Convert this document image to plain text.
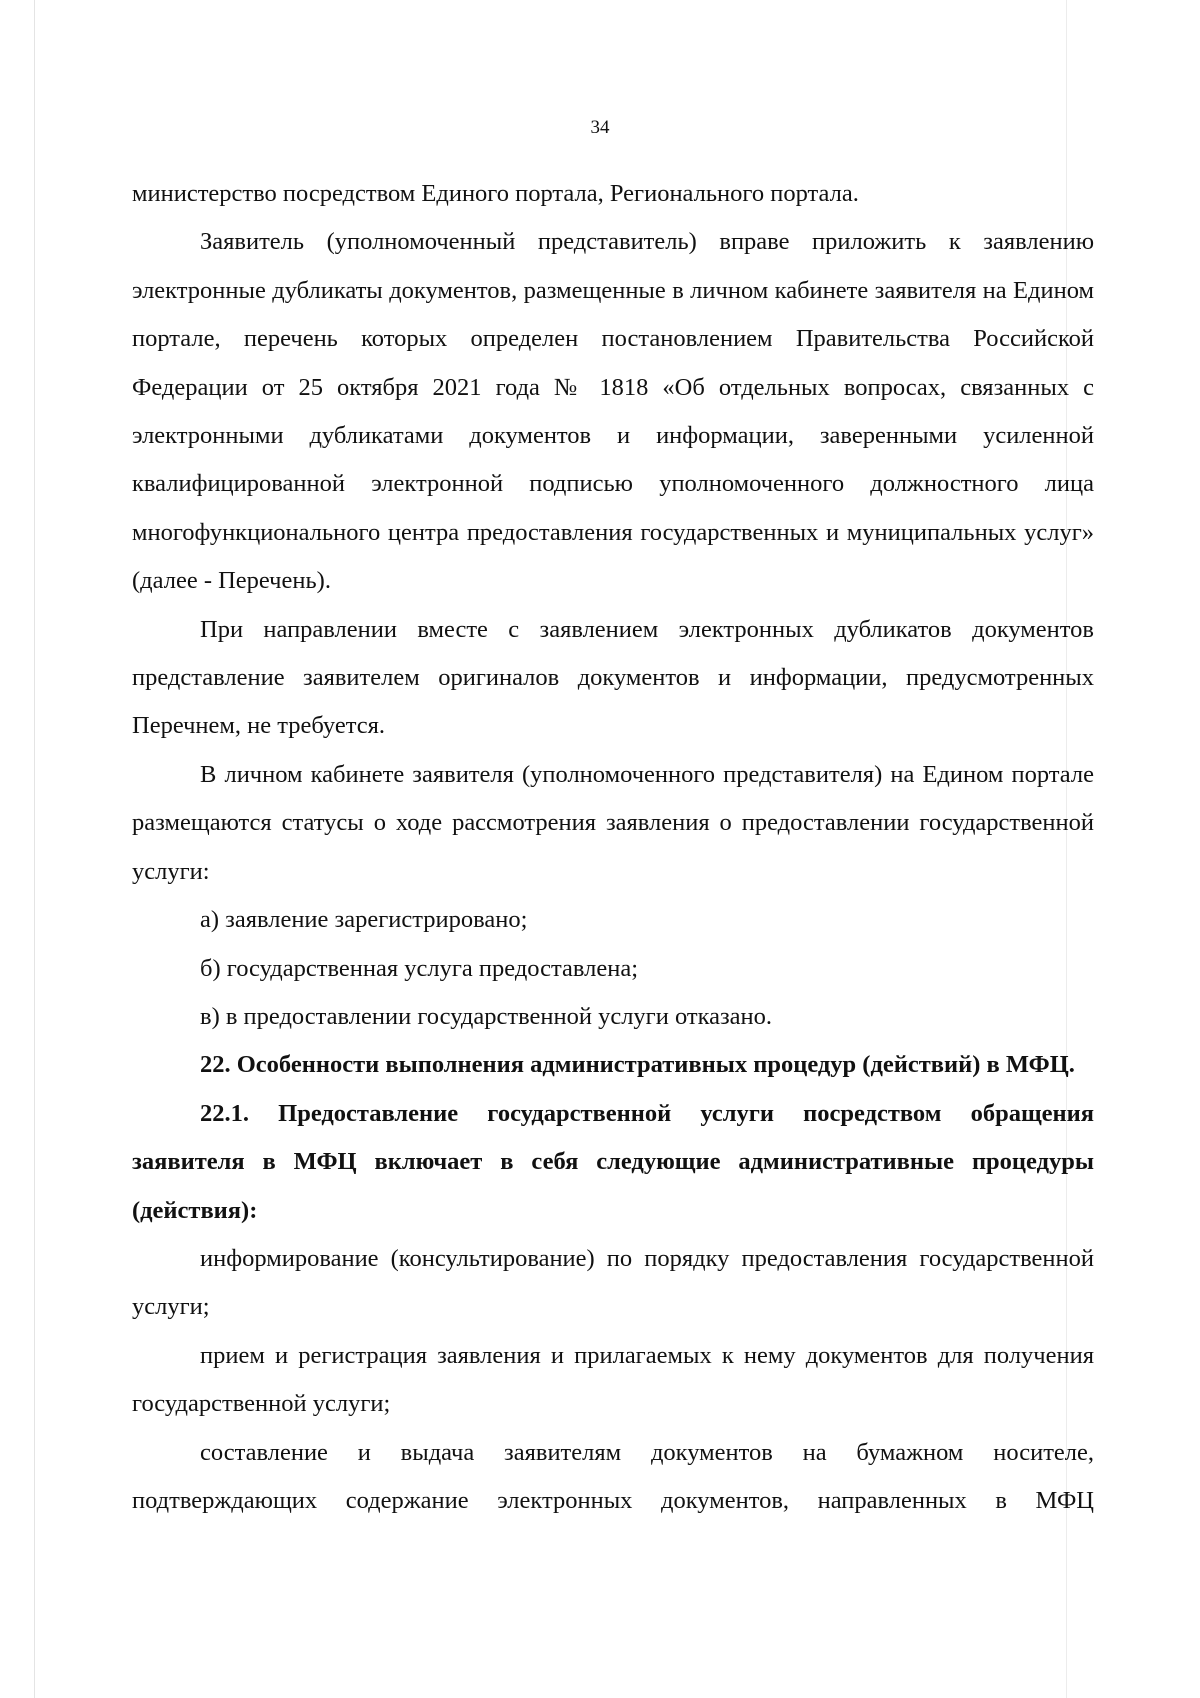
34

министерство посредством Единого портала, Регионального портала.

Заявитель (уполномоченный представитель) вправе приложить к заявлению электронные дубликаты документов, размещенные в личном кабинете заявителя на Едином портале, перечень которых определен постановлением Правительства Российской Федерации от 25 октября 2021 года № 1818 «Об отдельных вопросах, связанных с электронными дубликатами документов и информации, заверенными усиленной квалифицированной электронной подписью уполномоченного должностного лица многофункционального центра предоставления государственных и муниципальных услуг» (далее - Перечень).

При направлении вместе с заявлением электронных дубликатов документов представление заявителем оригиналов документов и информации, предусмотренных Перечнем, не требуется.

В личном кабинете заявителя (уполномоченного представителя) на Едином портале размещаются статусы о ходе рассмотрения заявления о предоставлении государственной услуги:

а) заявление зарегистрировано;

б) государственная услуга предоставлена;

в) в предоставлении государственной услуги отказано.

22. Особенности выполнения административных процедур (действий) в МФЦ.

22.1. Предоставление государственной услуги посредством обращения заявителя в МФЦ включает в себя следующие административные процедуры (действия):

информирование (консультирование) по порядку предоставления государственной услуги;

прием и регистрация заявления и прилагаемых к нему документов для получения государственной услуги;

составление и выдача заявителям документов на бумажном носителе, подтверждающих содержание электронных документов, направленных в МФЦ
